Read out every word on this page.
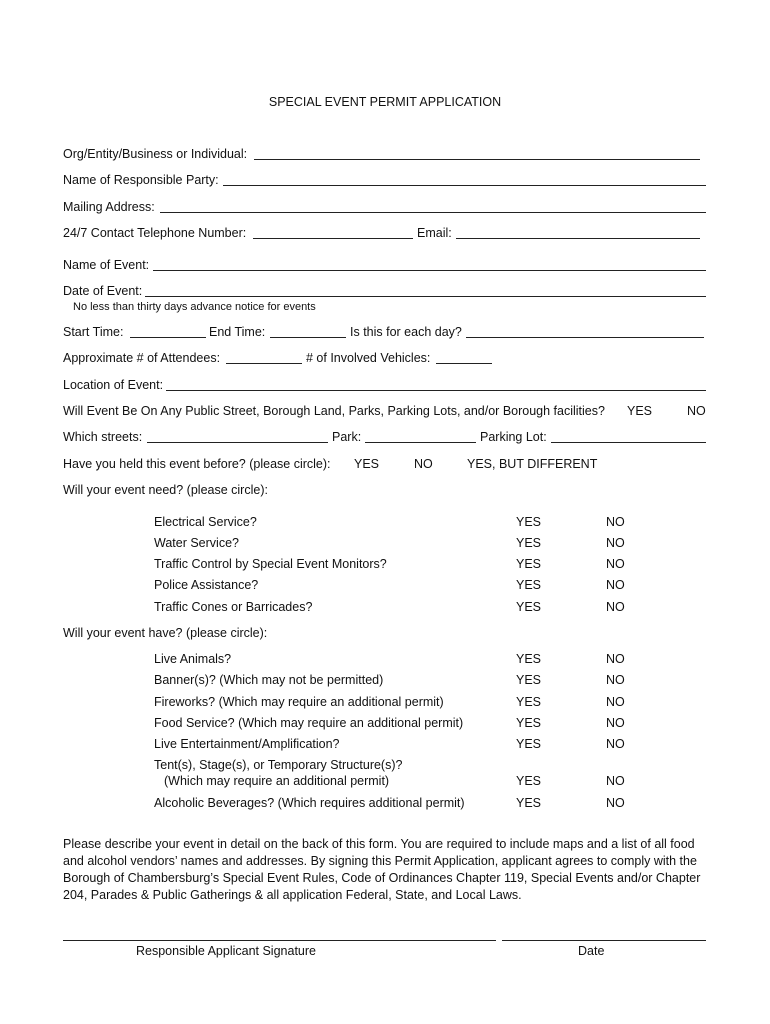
SPECIAL EVENT PERMIT APPLICATION
Org/Entity/Business or Individual:
Name of Responsible Party:
Mailing Address:
24/7 Contact Telephone Number:	Email:
Name of Event:
Date of Event:
No less than thirty days advance notice for events
Start Time:	End Time:	Is this for each day?
Approximate # of Attendees:	# of Involved Vehicles:
Location of Event:
Will Event Be On Any Public Street, Borough Land, Parks, Parking Lots, and/or Borough facilities? YES	NO
Which streets:	Park:	Parking Lot:
Have you held this event before? (please circle): YES	NO	YES, BUT DIFFERENT
Will your event need? (please circle):
Electrical Service?	YES	NO
Water Service?	YES	NO
Traffic Control by Special Event Monitors?	YES	NO
Police Assistance?	YES	NO
Traffic Cones or Barricades?	YES	NO
Will your event have? (please circle):
Live Animals?	YES	NO
Banner(s)? (Which may not be permitted)	YES	NO
Fireworks? (Which may require an additional permit)	YES	NO
Food Service? (Which may require an additional permit)	YES	NO
Live Entertainment/Amplification?	YES	NO
Tent(s), Stage(s), or Temporary Structure(s)?
(Which may require an additional permit)	YES	NO
Alcoholic Beverages? (Which requires additional permit)	YES	NO
Please describe your event in detail on the back of this form. You are required to include maps and a list of all food and alcohol vendors’ names and addresses. By signing this Permit Application, applicant agrees to comply with the Borough of Chambersburg’s Special Event Rules, Code of Ordinances Chapter 119, Special Events and/or Chapter 204, Parades & Public Gatherings & all application Federal, State, and Local Laws.
Responsible Applicant Signature	Date
